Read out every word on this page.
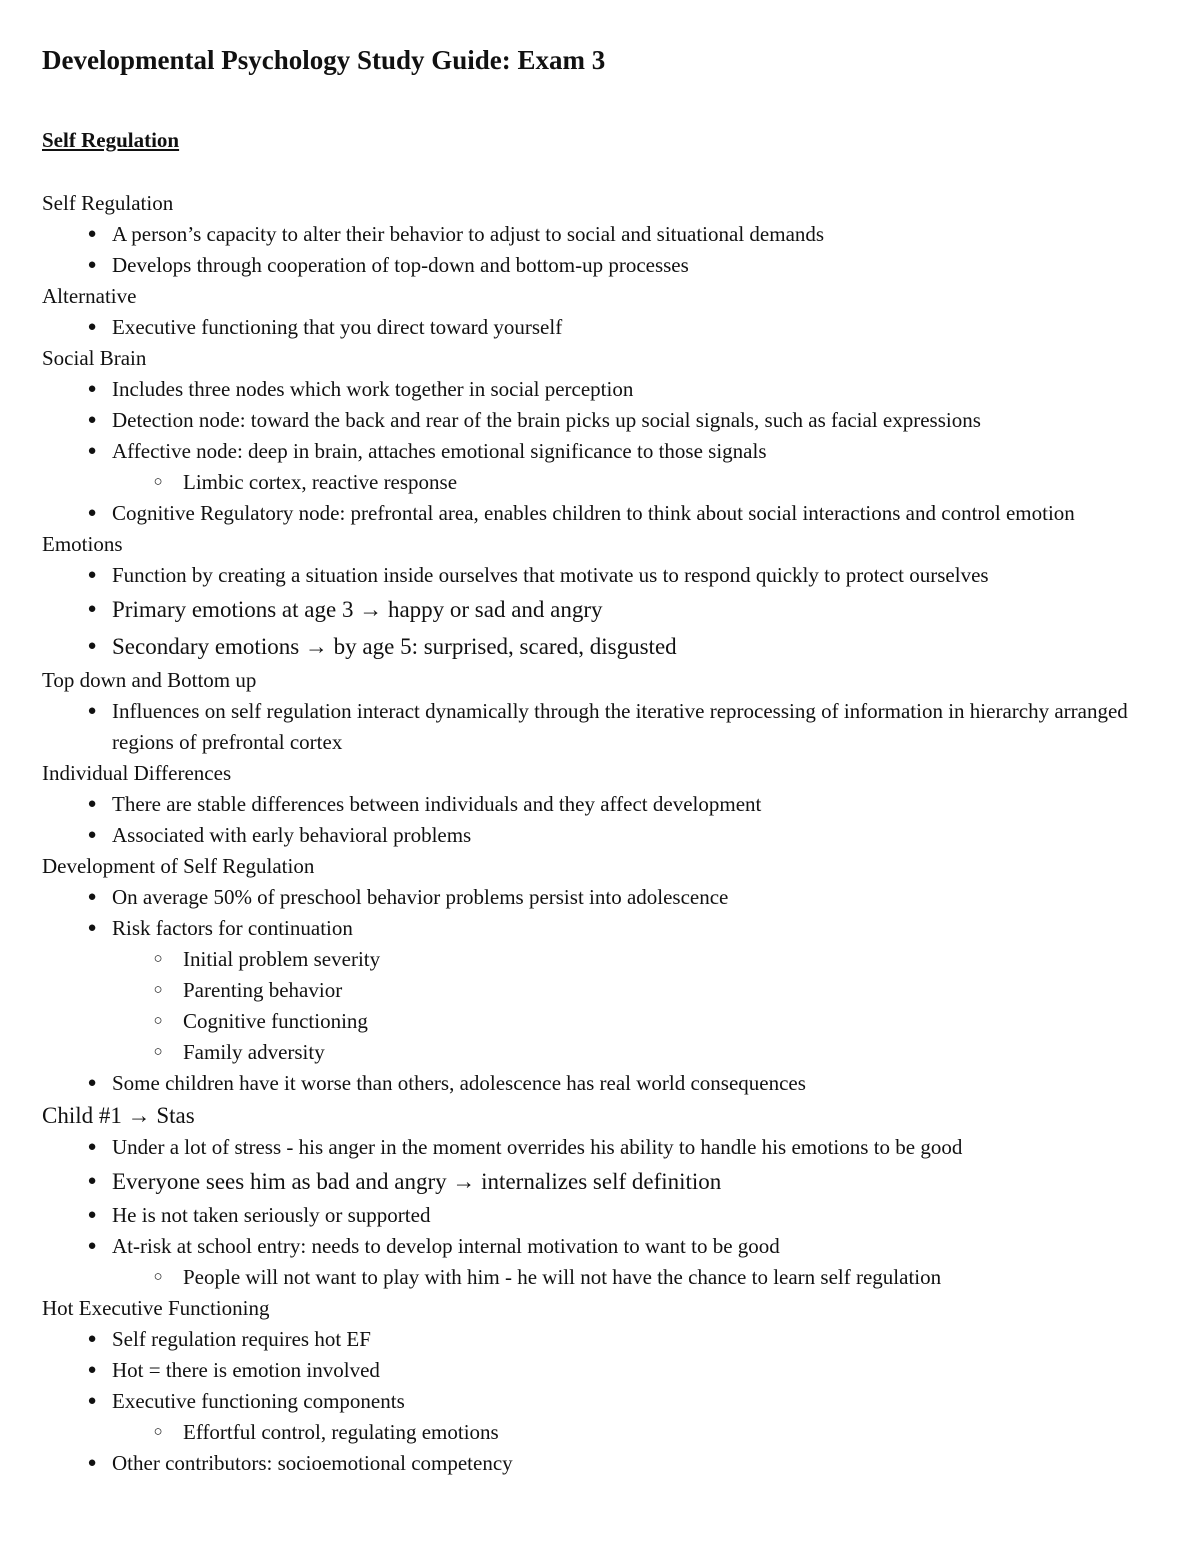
Developmental Psychology Study Guide: Exam 3
Self Regulation
Self Regulation
● A person’s capacity to alter their behavior to adjust to social and situational demands
● Develops through cooperation of top-down and bottom-up processes
Alternative
● Executive functioning that you direct toward yourself
Social Brain
● Includes three nodes which work together in social perception
● Detection node: toward the back and rear of the brain picks up social signals, such as facial expressions
● Affective node: deep in brain, attaches emotional significance to those signals
○ Limbic cortex, reactive response
● Cognitive Regulatory node: prefrontal area, enables children to think about social interactions and control emotion
Emotions
● Function by creating a situation inside ourselves that motivate us to respond quickly to protect ourselves
● Primary emotions at age 3 → happy or sad and angry
● Secondary emotions → by age 5: surprised, scared, disgusted
Top down and Bottom up
● Influences on self regulation interact dynamically through the iterative reprocessing of information in hierarchy arranged regions of prefrontal cortex
Individual Differences
● There are stable differences between individuals and they affect development
● Associated with early behavioral problems
Development of Self Regulation
● On average 50% of preschool behavior problems persist into adolescence
● Risk factors for continuation
○ Initial problem severity
○ Parenting behavior
○ Cognitive functioning
○ Family adversity
● Some children have it worse than others, adolescence has real world consequences
Child #1 → Stas
● Under a lot of stress - his anger in the moment overrides his ability to handle his emotions to be good
● Everyone sees him as bad and angry → internalizes self definition
● He is not taken seriously or supported
● At-risk at school entry: needs to develop internal motivation to want to be good
○ People will not want to play with him - he will not have the chance to learn self regulation
Hot Executive Functioning
● Self regulation requires hot EF
● Hot = there is emotion involved
● Executive functioning components
○ Effortful control, regulating emotions
● Other contributors: socioemotional competency
